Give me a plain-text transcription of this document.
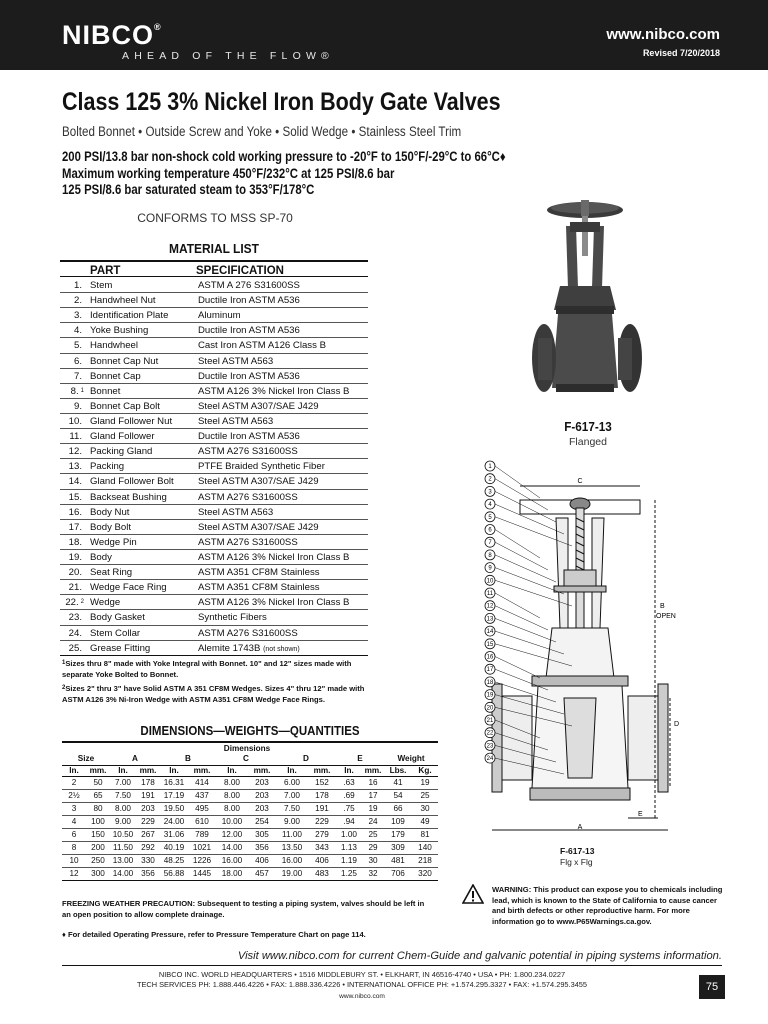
NIBCO®
AHEAD OF THE FLOW®
www.nibco.com
Revised 7/20/2018
Class 125 3% Nickel Iron Body Gate Valves
Bolted Bonnet • Outside Screw and Yoke • Solid Wedge • Stainless Steel Trim
200 PSI/13.8 bar non-shock cold working pressure to -20°F to 150°F/-29°C to 66°C♦
Maximum working temperature 450°F/232°C at 125 PSI/8.6 bar
125 PSI/8.6 bar saturated steam to 353°F/178°C
CONFORMS TO MSS SP-70
MATERIAL LIST
PART	SPECIFICATION
1. Stem	ASTM A 276 S31600SS
2. Handwheel Nut	Ductile Iron ASTM A536
3. Identification Plate	Aluminum
4. Yoke Bushing	Ductile Iron ASTM A536
5. Handwheel	Cast Iron ASTM A126 Class B
6. Bonnet Cap Nut	Steel ASTM A563
7. Bonnet Cap	Ductile Iron ASTM A536
8. $^1$ Bonnet	ASTM A126 3% Nickel Iron Class B
9. Bonnet Cap Bolt	Steel ASTM A307/SAE J429
10. Gland Follower Nut	Steel ASTM A563
11. Gland Follower	Ductile Iron ASTM A536
12. Packing Gland	ASTM A276 S31600SS
13. Packing	PTFE Braided Synthetic Fiber
14. Gland Follower Bolt	Steel ASTM A307/SAE J429
15. Backseat Bushing	ASTM A276 S31600SS
16. Body Nut	Steel ASTM A563
17. Body Bolt	Steel ASTM A307/SAE J429
18. Wedge Pin	ASTM A276 S31600SS
19. Body	ASTM A126 3% Nickel Iron Class B
20. Seat Ring	ASTM A351 CF8M Stainless
21. Wedge Face Ring	ASTM A351 CF8M Stainless
22. $^2$ Wedge	ASTM A126 3% Nickel Iron Class B
23. Body Gasket	Synthetic Fibers
24. Stem Collar	ASTM A276 S31600SS
25. Grease Fitting	Alemite 1743B (not shown)

$^1$Sizes thru 8" made with Yoke Integral with Bonnet. 10" and 12" sizes made with separate Yoke Bolted to Bonnet.

$^2$Sizes 2" thru 3" have Solid ASTM A 351 CF8M Wedges. Sizes 4" thru 12" made with ASTM A126 3% Ni-Iron Wedge with ASTM A351 CF8M Wedge Face Rings.

DIMENSIONS—WEIGHTS—QUANTITIES
		Dimensions											
Size		A		B		C		D		E		Weight	
In.	mm.	In.	mm.	In.	mm.	In.	mm.	In.	mm.	In.	mm.	Lbs.	Kg.
2	50	7.00	178	16.31	414	8.00	203	6.00	152	.63	16	41	19
2½	65	7.50	191	17.19	437	8.00	203	7.00	178	.69	17	54	25
3	80	8.00	203	19.50	495	8.00	203	7.50	191	.75	19	66	30
4	100	9.00	229	24.00	610	10.00	254	9.00	229	.94	24	109	49
6	150	10.50	267	31.06	789	12.00	305	11.00	279	1.00	25	179	81
8	200	11.50	292	40.19	1021	14.00	356	13.50	343	1.13	29	309	140
10	250	13.00	330	48.25	1226	16.00	406	16.00	406	1.19	30	481	218
12	300	14.00	356	56.88	1445	18.00	457	19.00	483	1.25	32	706	320
FREEZING WEATHER PRECAUTION: Subsequent to testing a piping system, valves should be left in an open position to allow complete drainage.
♦ For detailed Operating Pressure, refer to Pressure Temperature Chart on page 114.
F-617-13
Flanged
1
2
3
4
5
6
7
8
9
10
11
12
13
14
15
16
17
18
19
20
21
22
23
24
C
B
OPEN
D
A
E
F-617-13
Flg x Flg
WARNING: This product can expose you to chemicals including lead, which is known to the State of California to cause cancer and birth defects or other reproductive harm. For more information go to www.P65Warnings.ca.gov.
Visit www.nibco.com for current Chem-Guide and galvanic potential in piping systems information.
NIBCO INC. WORLD HEADQUARTERS • 1516 MIDDLEBURY ST. • ELKHART, IN 46516-4740 • USA • PH: 1.800.234.0227
TECH SERVICES PH: 1.888.446.4226 • FAX: 1.888.336.4226 • INTERNATIONAL OFFICE PH: +1.574.295.3327 • FAX: +1.574.295.3455
www.nibco.com
75
